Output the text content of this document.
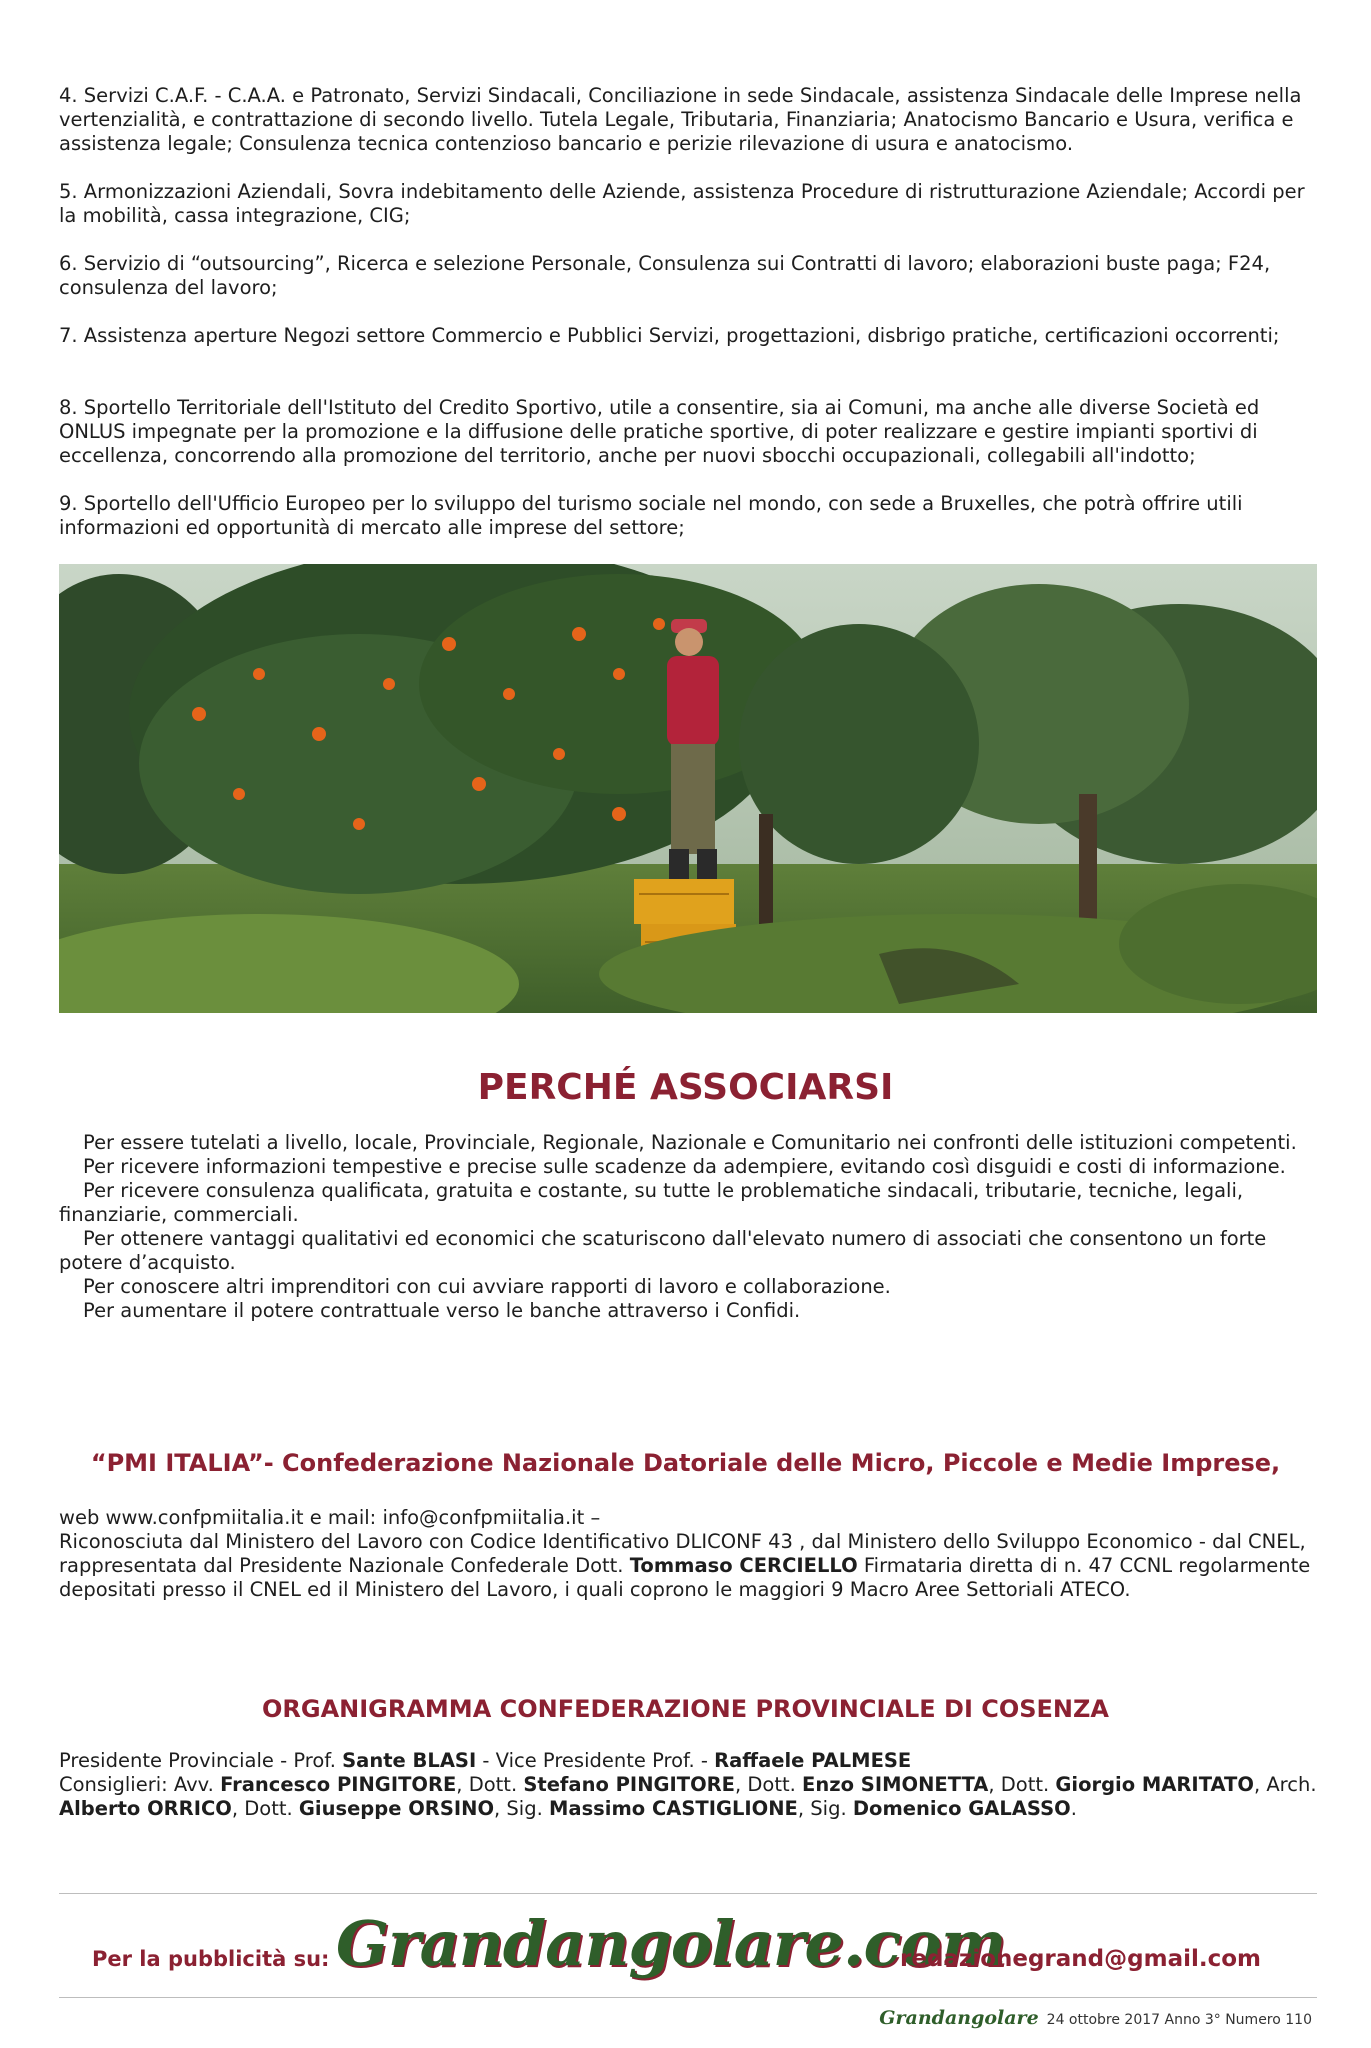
4. Servizi C.A.F. - C.A.A. e Patronato, Servizi Sindacali, Conciliazione in sede Sindacale, assistenza Sindacale delle Imprese nella vertenzialità, e contrattazione di secondo livello. Tutela Legale, Tributaria, Finanziaria; Anatocismo Bancario e Usura, verifica e assistenza legale; Consulenza tecnica contenzioso bancario e perizie rilevazione di usura e anatocismo.

5. Armonizzazioni Aziendali, Sovra indebitamento delle Aziende, assistenza Procedure di ristrutturazione Aziendale; Accordi per la mobilità, cassa integrazione, CIG;

6. Servizio di “outsourcing”, Ricerca e selezione Personale, Consulenza sui Contratti di lavoro; elaborazioni buste paga; F24, consulenza del lavoro;

7. Assistenza aperture Negozi settore Commercio e Pubblici Servizi, progettazioni, disbrigo pratiche, certificazioni occorrenti;

8. Sportello Territoriale dell'Istituto del Credito Sportivo, utile a consentire, sia ai Comuni, ma anche alle diverse Società ed ONLUS impegnate per la promozione e la diffusione delle pratiche sportive, di poter realizzare e gestire impianti sportivi di eccellenza, concorrendo alla promozione del territorio, anche per nuovi sbocchi occupazionali, collegabili all'indotto;

9. Sportello dell'Ufficio Europeo per lo sviluppo del turismo sociale nel mondo, con sede a Bruxelles, che potrà offrire utili informazioni ed opportunità di mercato alle imprese del settore;

PERCHÉ ASSOCIARSI
Per essere tutelati a livello, locale, Provinciale, Regionale, Nazionale e Comunitario nei confronti delle istituzioni competenti.
Per ricevere informazioni tempestive e precise sulle scadenze da adempiere, evitando così disguidi e costi di informazione.
Per ricevere consulenza qualificata, gratuita e costante, su tutte le problematiche sindacali, tributarie, tecniche, legali, finanziarie, commerciali.
Per ottenere vantaggi qualitativi ed economici che scaturiscono dall'elevato numero di associati che consentono un forte potere d’acquisto.
Per conoscere altri imprenditori con cui avviare rapporti di lavoro e collaborazione.
Per aumentare il potere contrattuale verso le banche attraverso i Confidi.
“PMI ITALIA”- Confederazione Nazionale Datoriale delle Micro, Piccole e Medie Imprese,

web www.confpmiitalia.it e mail: info@confpmiitalia.it –

Riconosciuta dal Ministero del Lavoro con Codice Identificativo DLICONF 43 , dal Ministero dello Sviluppo Economico - dal CNEL,

rappresentata dal Presidente Nazionale Confederale Dott. Tommaso CERCIELLO Firmataria diretta di n. 47 CCNL regolarmente depositati presso il CNEL ed il Ministero del Lavoro, i quali coprono le maggiori 9 Macro Aree Settoriali ATECO.

ORGANIGRAMMA CONFEDERAZIONE PROVINCIALE DI COSENZA

Presidente Provinciale - Prof. Sante BLASI - Vice Presidente Prof. - Raffaele PALMESE

Consiglieri: Avv. Francesco PINGITORE, Dott. Stefano PINGITORE, Dott. Enzo SIMONETTA, Dott. Giorgio MARITATO, Arch. Alberto ORRICO, Dott. Giuseppe ORSINO, Sig. Massimo CASTIGLIONE, Sig. Domenico GALASSO.

Per la pubblicità su: Grandangolare.com
redazionegrand@gmail.com
Grandangolare 24 ottobre 2017 Anno 3° Numero 110
